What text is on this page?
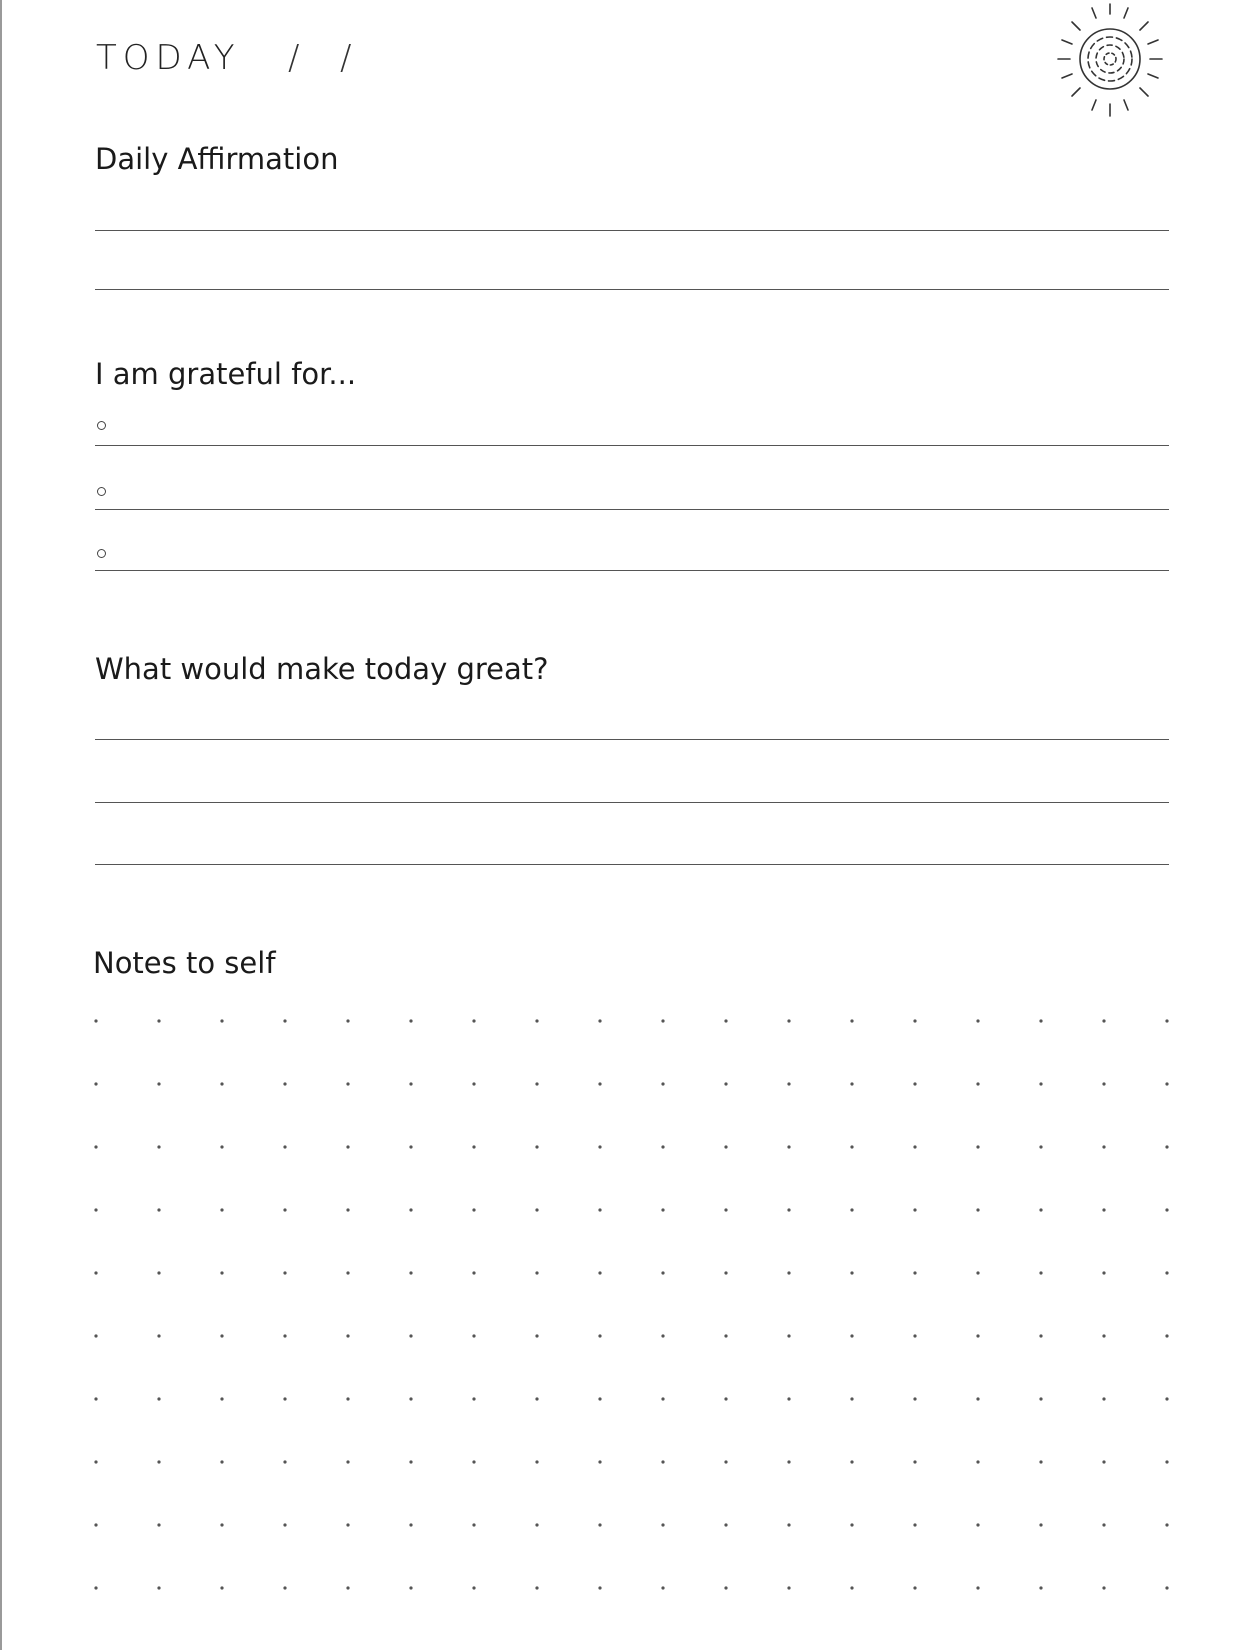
TODAY / /
Daily Affirmation
I am grateful for...
What would make today great?
Notes to self
